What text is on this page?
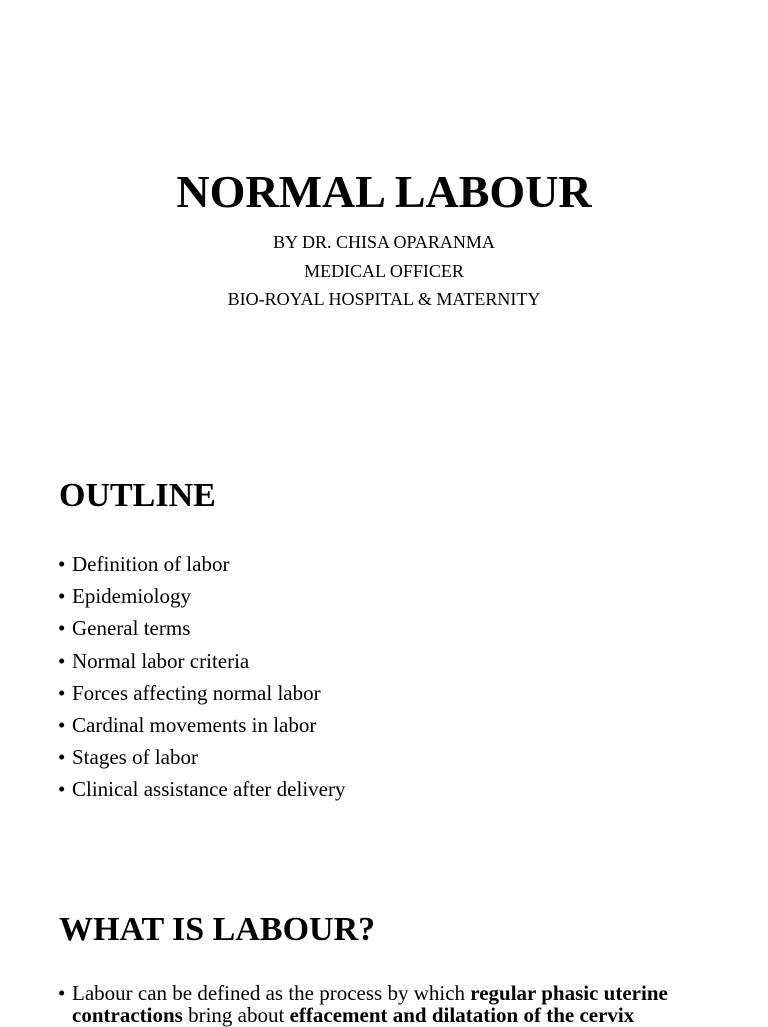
NORMAL LABOUR
BY DR. CHISA OPARANMA
MEDICAL OFFICER
BIO-ROYAL HOSPITAL & MATERNITY
OUTLINE
• Definition of labor
• Epidemiology
• General terms
• Normal labor criteria
• Forces affecting normal labor
• Cardinal movements in labor
• Stages of labor
• Clinical assistance after delivery
WHAT IS LABOUR?
• Labour can be defined as the process by which regular phasic uterine contractions bring about effacement and dilatation of the cervix
